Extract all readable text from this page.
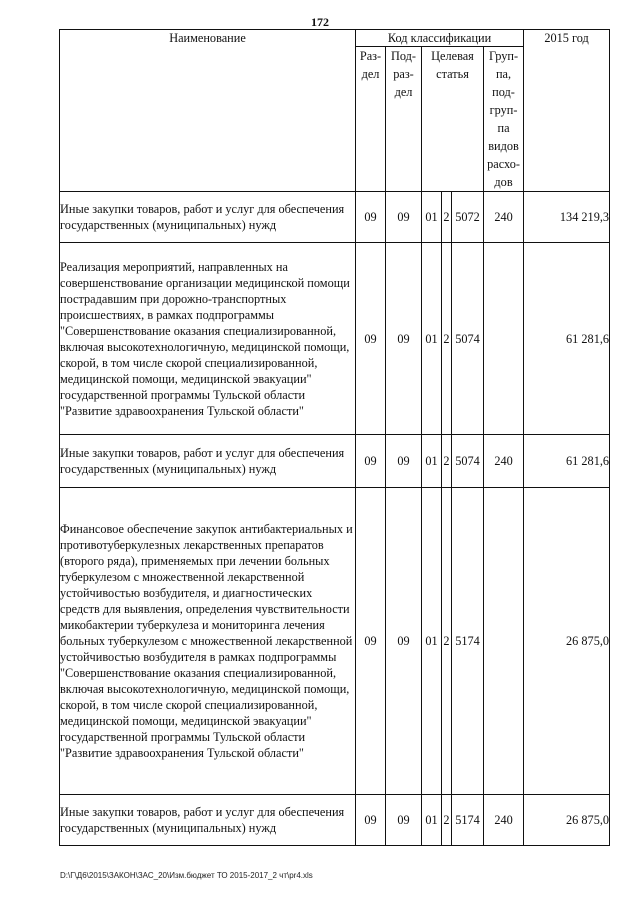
172
Наименование	Код классификации						2015 год
	Раз- дел	Под- раз- дел	Целевая статья			Груп- па, под- груп- па видов расхо- дов	
Иные закупки товаров, работ и услуг для обеспечения государственных (муниципальных) нужд	09	09	01	2	5072	240	134 219,3
Реализация мероприятий, направленных на совершенствование организации медицинской помощи пострадавшим при дорожно-транспортных происшествиях, в рамках подпрограммы "Совершенствование оказания специализированной, включая высокотехнологичную, медицинской помощи, скорой, в том числе скорой специализированной, медицинской помощи, медицинской эвакуации" государственной программы Тульской области "Развитие здравоохранения Тульской области"	09	09	01	2	5074		61 281,6
Иные закупки товаров, работ и услуг для обеспечения государственных (муниципальных) нужд	09	09	01	2	5074	240	61 281,6
Финансовое обеспечение закупок антибактериальных и противотуберкулезных лекарственных препаратов (второго ряда), применяемых при лечении больных туберкулезом с множественной лекарственной устойчивостью возбудителя, и диагностических средств для выявления, определения чувствительности микобактерии туберкулеза и мониторинга лечения больных туберкулезом с множественной лекарственной устойчивостью возбудителя в рамках подпрограммы "Совершенствование оказания специализированной, включая высокотехнологичную, медицинской помощи, скорой, в том числе скорой специализированной, медицинской помощи, медицинской эвакуации" государственной программы Тульской области "Развитие здравоохранения Тульской области"	09	09	01	2	5174		26 875,0
Иные закупки товаров, работ и услуг для обеспечения государственных (муниципальных) нужд	09	09	01	2	5174	240	26 875,0
D:\Г\Д6\2015\ЗАКОН\ЗАС_20\Изм.бюджет ТО 2015-2017_2 чт\pr4.xls
